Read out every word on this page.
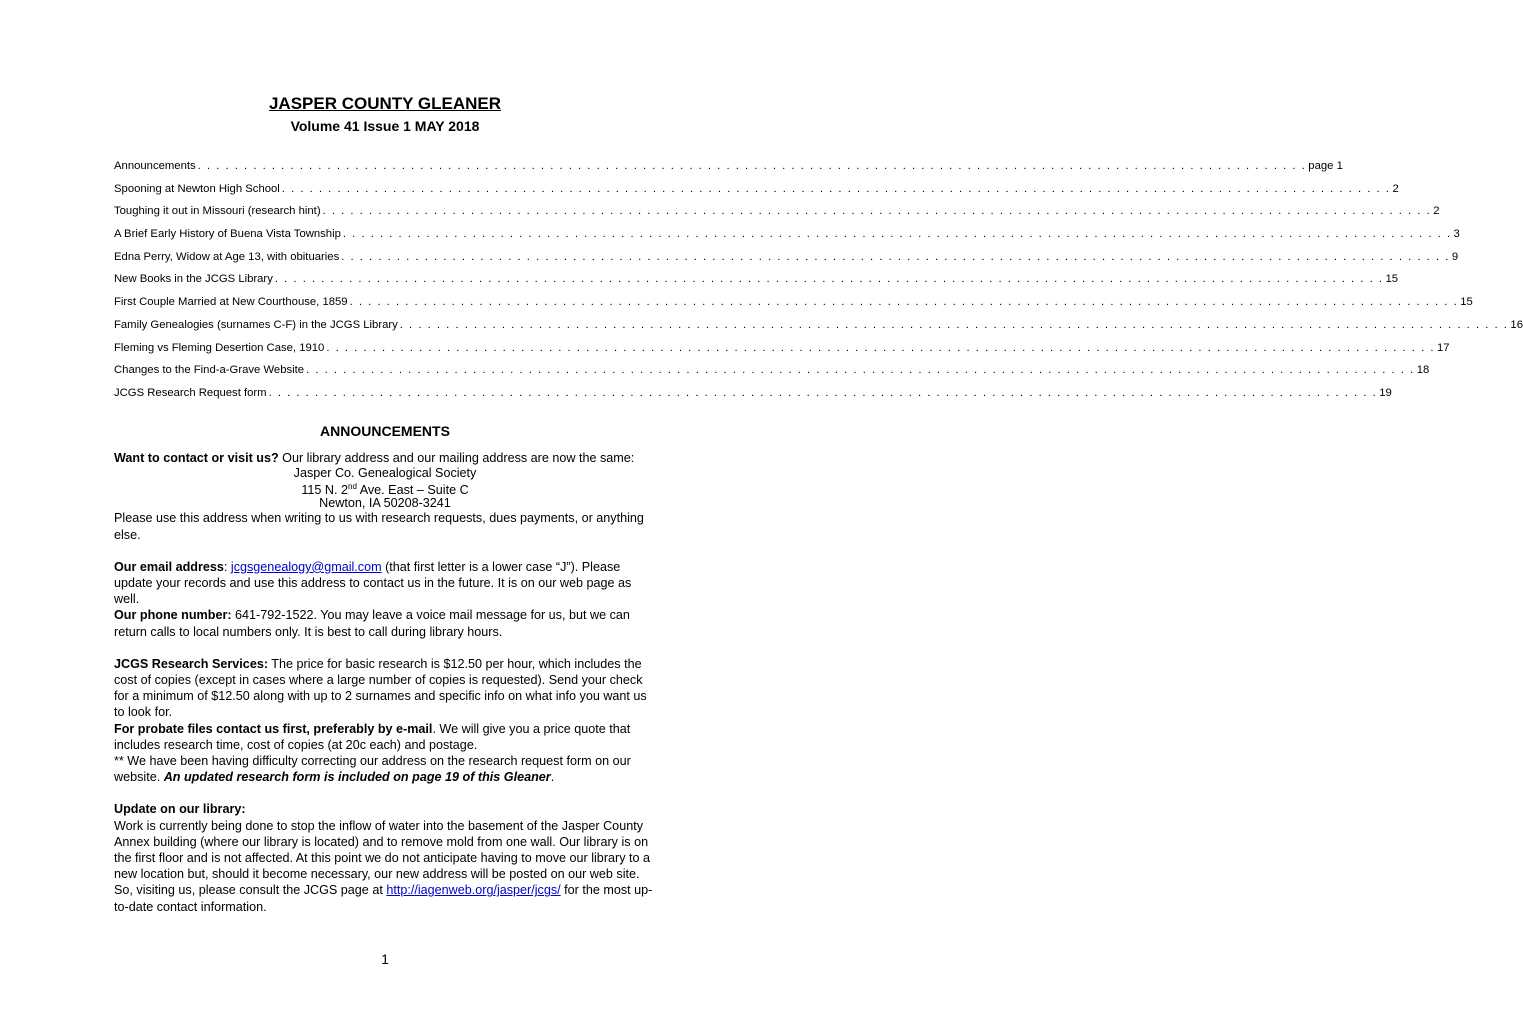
JASPER COUNTY GLEANER
Volume 41 Issue 1 MAY 2018
Announcements . . . . . . . . . . . . . . . . . . . . . . . . . . . . . . . . . . . . . . . . . . . . . . . . . . . . . . . . . . . . . . . . . . . . . . . . . . . . . . . . . . . . . . . . . . . . . . . . . . . . . . . . . . . . . . . . . . . . . . . . page 1
Spooning at Newton High School . . . . . . . . . . . . . . . . . . . . . . . . . . . . . . . . . . . . . . . . . . . . . . . . . . . . . . . . . . . . . . . . . . . . . . . . . . . . . . . . . . . . . . . . . . . . . . . . . . . . . . . . . . . . . . . . . . . . . . . . 2
Toughing it out in Missouri (research hint) . . . . . . . . . . . . . . . . . . . . . . . . . . . . . . . . . . . . . . . . . . . . . . . . . . . . . . . . . . . . . . . . . . . . . . . . . . . . . . . . . . . . . . . . . . . . . . . . . . . . . . . . . . . . . . . . . . . . . . . . 2
A Brief Early History of Buena Vista Township . . . . . . . . . . . . . . . . . . . . . . . . . . . . . . . . . . . . . . . . . . . . . . . . . . . . . . . . . . . . . . . . . . . . . . . . . . . . . . . . . . . . . . . . . . . . . . . . . . . . . . . . . . . . . . . . . . . . . . . . 3
Edna Perry, Widow at Age 13, with obituaries . . . . . . . . . . . . . . . . . . . . . . . . . . . . . . . . . . . . . . . . . . . . . . . . . . . . . . . . . . . . . . . . . . . . . . . . . . . . . . . . . . . . . . . . . . . . . . . . . . . . . . . . . . . . . . . . . . . . . . . . 9
New Books in the JCGS Library . . . . . . . . . . . . . . . . . . . . . . . . . . . . . . . . . . . . . . . . . . . . . . . . . . . . . . . . . . . . . . . . . . . . . . . . . . . . . . . . . . . . . . . . . . . . . . . . . . . . . . . . . . . . . . . . . . . . . . . . 15
First Couple Married at New Courthouse, 1859 . . . . . . . . . . . . . . . . . . . . . . . . . . . . . . . . . . . . . . . . . . . . . . . . . . . . . . . . . . . . . . . . . . . . . . . . . . . . . . . . . . . . . . . . . . . . . . . . . . . . . . . . . . . . . . . . . . . . . . . . 15
Family Genealogies (surnames C-F) in the JCGS Library . . . . . . . . . . . . . . . . . . . . . . . . . . . . . . . . . . . . . . . . . . . . . . . . . . . . . . . . . . . . . . . . . . . . . . . . . . . . . . . . . . . . . . . . . . . . . . . . . . . . . . . . . . . . . . . . . . . . . . . . 16
Fleming vs Fleming Desertion Case, 1910 . . . . . . . . . . . . . . . . . . . . . . . . . . . . . . . . . . . . . . . . . . . . . . . . . . . . . . . . . . . . . . . . . . . . . . . . . . . . . . . . . . . . . . . . . . . . . . . . . . . . . . . . . . . . . . . . . . . . . . . . 17
Changes to the Find-a-Grave Website . . . . . . . . . . . . . . . . . . . . . . . . . . . . . . . . . . . . . . . . . . . . . . . . . . . . . . . . . . . . . . . . . . . . . . . . . . . . . . . . . . . . . . . . . . . . . . . . . . . . . . . . . . . . . . . . . . . . . . . . 18
JCGS Research Request form . . . . . . . . . . . . . . . . . . . . . . . . . . . . . . . . . . . . . . . . . . . . . . . . . . . . . . . . . . . . . . . . . . . . . . . . . . . . . . . . . . . . . . . . . . . . . . . . . . . . . . . . . . . . . . . . . . . . . . . . 19
ANNOUNCEMENTS

Want to contact or visit us? Our library address and our mailing address are now the same:

Jasper Co. Genealogical Society
115 N. 2nd Ave. East – Suite C
Newton, IA 50208-3241

Please use this address when writing to us with research requests, dues payments, or anything else.

Our email address: jcgsgenealogy@gmail.com (that first letter is a lower case “J”). Please update your records and use this address to contact us in the future. It is on our web page as well.

Our phone number: 641-792-1522. You may leave a voice mail message for us, but we can return calls to local numbers only. It is best to call during library hours.

JCGS Research Services: The price for basic research is $12.50 per hour, which includes the cost of copies (except in cases where a large number of copies is requested). Send your check for a minimum of $12.50 along with up to 2 surnames and specific info on what info you want us to look for.

For probate files contact us first, preferably by e-mail. We will give you a price quote that includes research time, cost of copies (at 20c each) and postage.

** We have been having difficulty correcting our address on the research request form on our website. An updated research form is included on page 19 of this Gleaner.

Update on our library:
Work is currently being done to stop the inflow of water into the basement of the Jasper County Annex building (where our library is located) and to remove mold from one wall. Our library is on the first floor and is not affected. At this point we do not anticipate having to move our library to a new location but, should it become necessary, our new address will be posted on our web site. So, visiting us, please consult the JCGS page at http://iagenweb.org/jasper/jcgs/ for the most up-to-date contact information.

1
